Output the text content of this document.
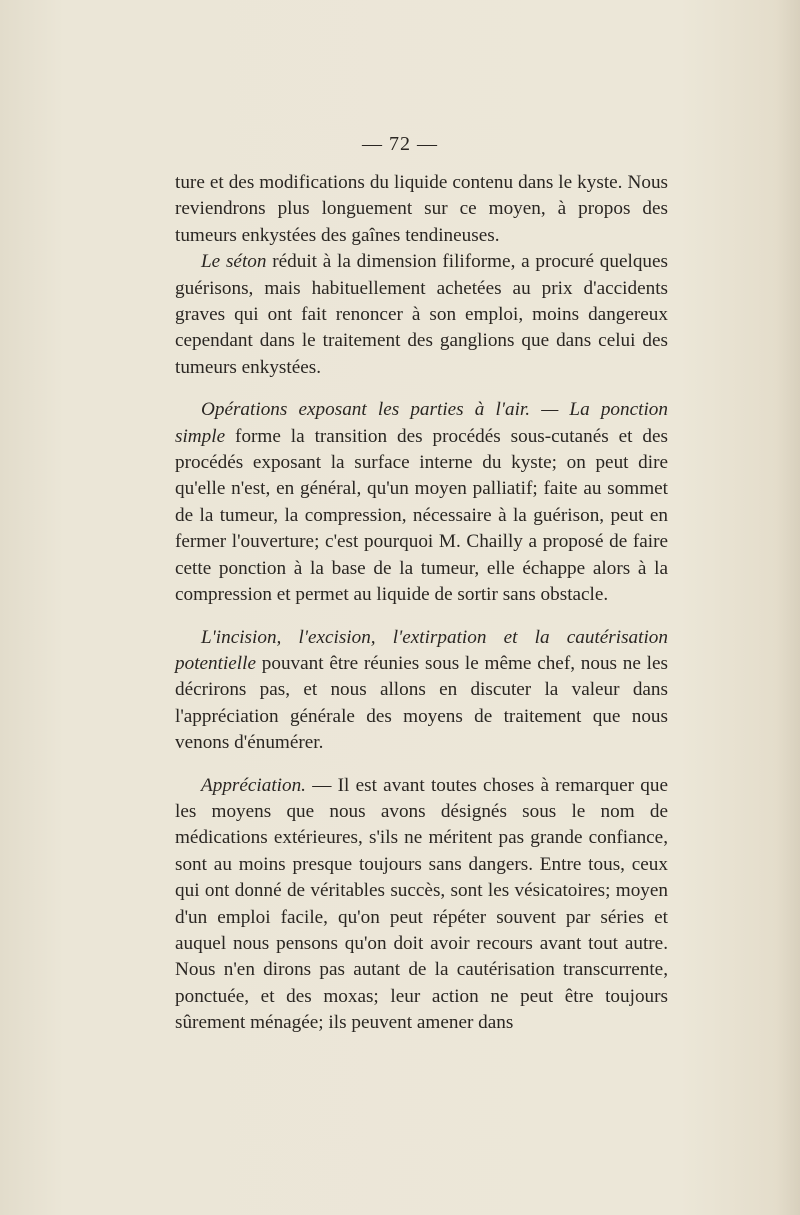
— 72 —

ture et des modifications du liquide contenu dans le kyste. Nous reviendrons plus longuement sur ce moyen, à propos des tumeurs enkystées des gaînes tendineuses.

Le séton réduit à la dimension filiforme, a procuré quelques guérisons, mais habituellement achetées au prix d'accidents graves qui ont fait renoncer à son emploi, moins dangereux cependant dans le traitement des ganglions que dans celui des tumeurs enkystées.

Opérations exposant les parties à l'air. — La ponction simple forme la transition des procédés sous-cutanés et des procédés exposant la surface interne du kyste; on peut dire qu'elle n'est, en général, qu'un moyen palliatif; faite au sommet de la tumeur, la compression, nécessaire à la guérison, peut en fermer l'ouverture; c'est pourquoi M. Chailly a proposé de faire cette ponction à la base de la tumeur, elle échappe alors à la compression et permet au liquide de sortir sans obstacle.

L'incision, l'excision, l'extirpation et la cautérisation potentielle pouvant être réunies sous le même chef, nous ne les décrirons pas, et nous allons en discuter la valeur dans l'appréciation générale des moyens de traitement que nous venons d'énumérer.

Appréciation. — Il est avant toutes choses à remarquer que les moyens que nous avons désignés sous le nom de médications extérieures, s'ils ne méritent pas grande confiance, sont au moins presque toujours sans dangers. Entre tous, ceux qui ont donné de véritables succès, sont les vésicatoires; moyen d'un emploi facile, qu'on peut répéter souvent par séries et auquel nous pensons qu'on doit avoir recours avant tout autre. Nous n'en dirons pas autant de la cautérisation transcurrente, ponctuée, et des moxas; leur action ne peut être toujours sûrement ménagée; ils peuvent amener dans
